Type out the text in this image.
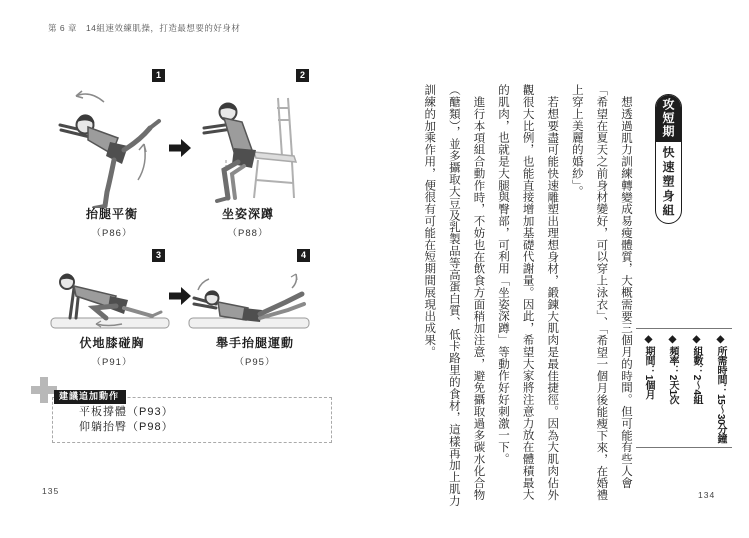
第 6 章　14組速效練肌操，打造最想要的好身材
1	2
3	4
抬腿平衡
（P86）
坐姿深蹲
（P88）
伏地膝碰胸
（P91）
舉手抬腿運動
（P95）
平板撐體（P93）
仰躺抬臀（P98）
建議追加動作
135
攻短期
快速塑身組
◆所需時間：15～30分鐘
◆組數：2～4組
◆頻率：2天1次
◆期間：1個月

想透過肌力訓練轉變成易瘦體質，大概需要三個月的時間。但可能有些人會「希望在夏天之前身材變好，可以穿上泳衣」、「希望一個月後能瘦下來，在婚禮上穿上美麗的婚紗」。

若想要盡可能快速雕塑出理想身材，鍛鍊大肌肉是最佳捷徑。因為大肌肉佔外觀很大比例，也能直接增加基礎代謝量。因此，希望大家將注意力放在體積最大的肌肉，也就是大腿與臀部，可利用「坐姿深蹲」等動作好好刺激一下。

進行本項組合動作時，不妨也在飲食方面稍加注意，避免攝取過多碳水化合物（醣類），並多攝取大豆及乳製品等高蛋白質、低卡路里的食材，這樣再加上肌力訓練的加乘作用，便很有可能在短期間展現出成果。

134
